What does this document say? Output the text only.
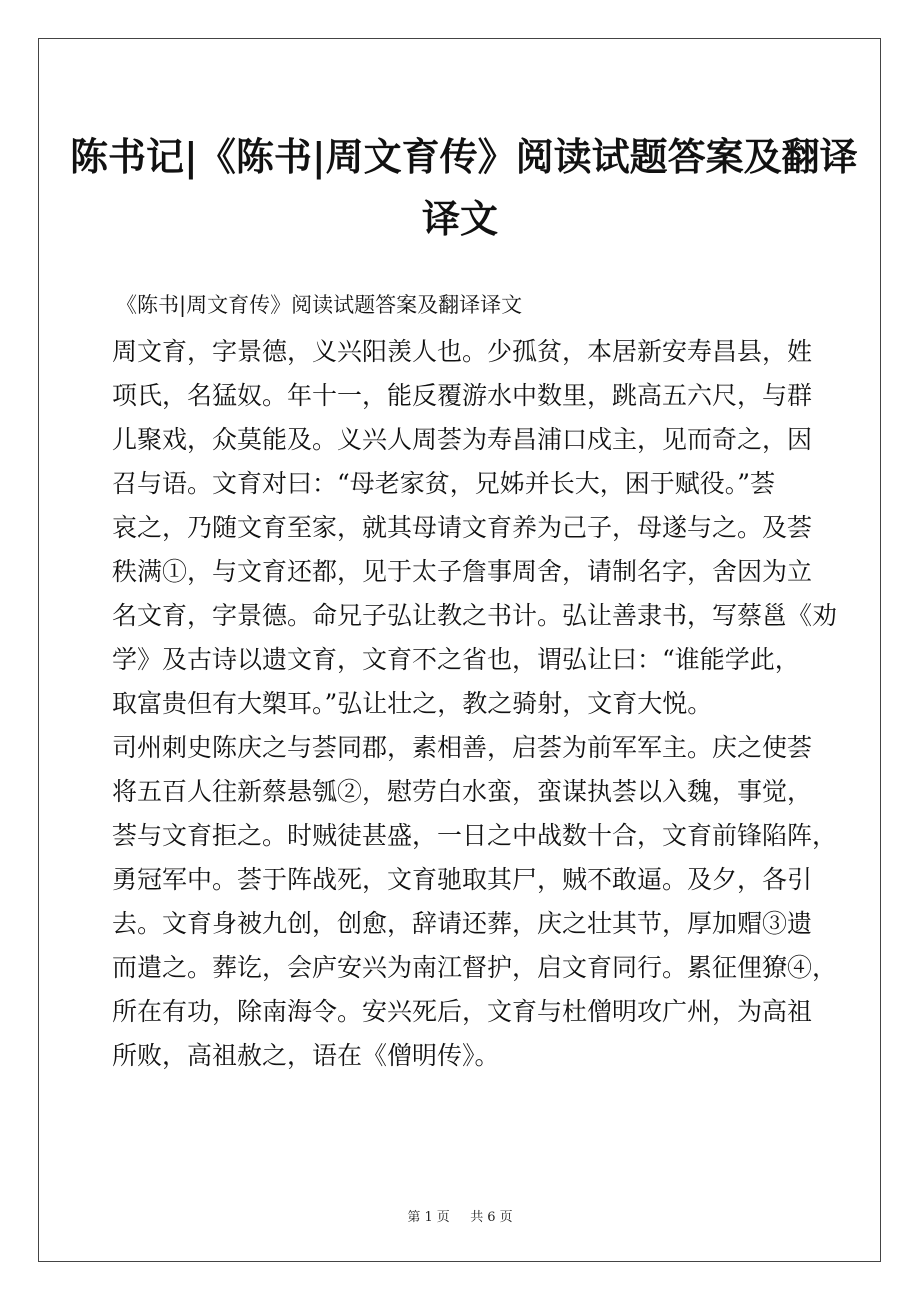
陈书记|《陈书|周文育传》阅读试题答案及翻译
译文
《陈书|周文育传》阅读试题答案及翻译译文
周文育，字景德，义兴阳羡人也。少孤贫，本居新安寿昌县，姓
项氏，名猛奴。年十一，能反覆游水中数里，跳高五六尺，与群
儿聚戏，众莫能及。义兴人周荟为寿昌浦口戍主，见而奇之，因
召与语。文育对曰：“母老家贫，兄姊并长大，困于赋役。”荟
哀之，乃随文育至家，就其母请文育养为己子，母遂与之。及荟
秩满①，与文育还都，见于太子詹事周舍，请制名字，舍因为立
名文育，字景德。命兄子弘让教之书计。弘让善隶书，写蔡邕《劝
学》及古诗以遗文育，文育不之省也，谓弘让曰：“谁能学此，
取富贵但有大槊耳。”弘让壮之，教之骑射，文育大悦。
司州刺史陈庆之与荟同郡，素相善，启荟为前军军主。庆之使荟
将五百人往新蔡悬瓠②，慰劳白水蛮，蛮谋执荟以入魏，事觉，
荟与文育拒之。时贼徒甚盛，一日之中战数十合，文育前锋陷阵，
勇冠军中。荟于阵战死，文育驰取其尸，贼不敢逼。及夕，各引
去。文育身被九创，创愈，辞请还葬，庆之壮其节，厚加赗③遗
而遣之。葬讫，会庐安兴为南江督护，启文育同行。累征俚獠④，
所在有功，除南海令。安兴死后，文育与杜僧明攻广州，为高祖
所败，高祖赦之，语在《僧明传》。
第 1 页 共 6 页
